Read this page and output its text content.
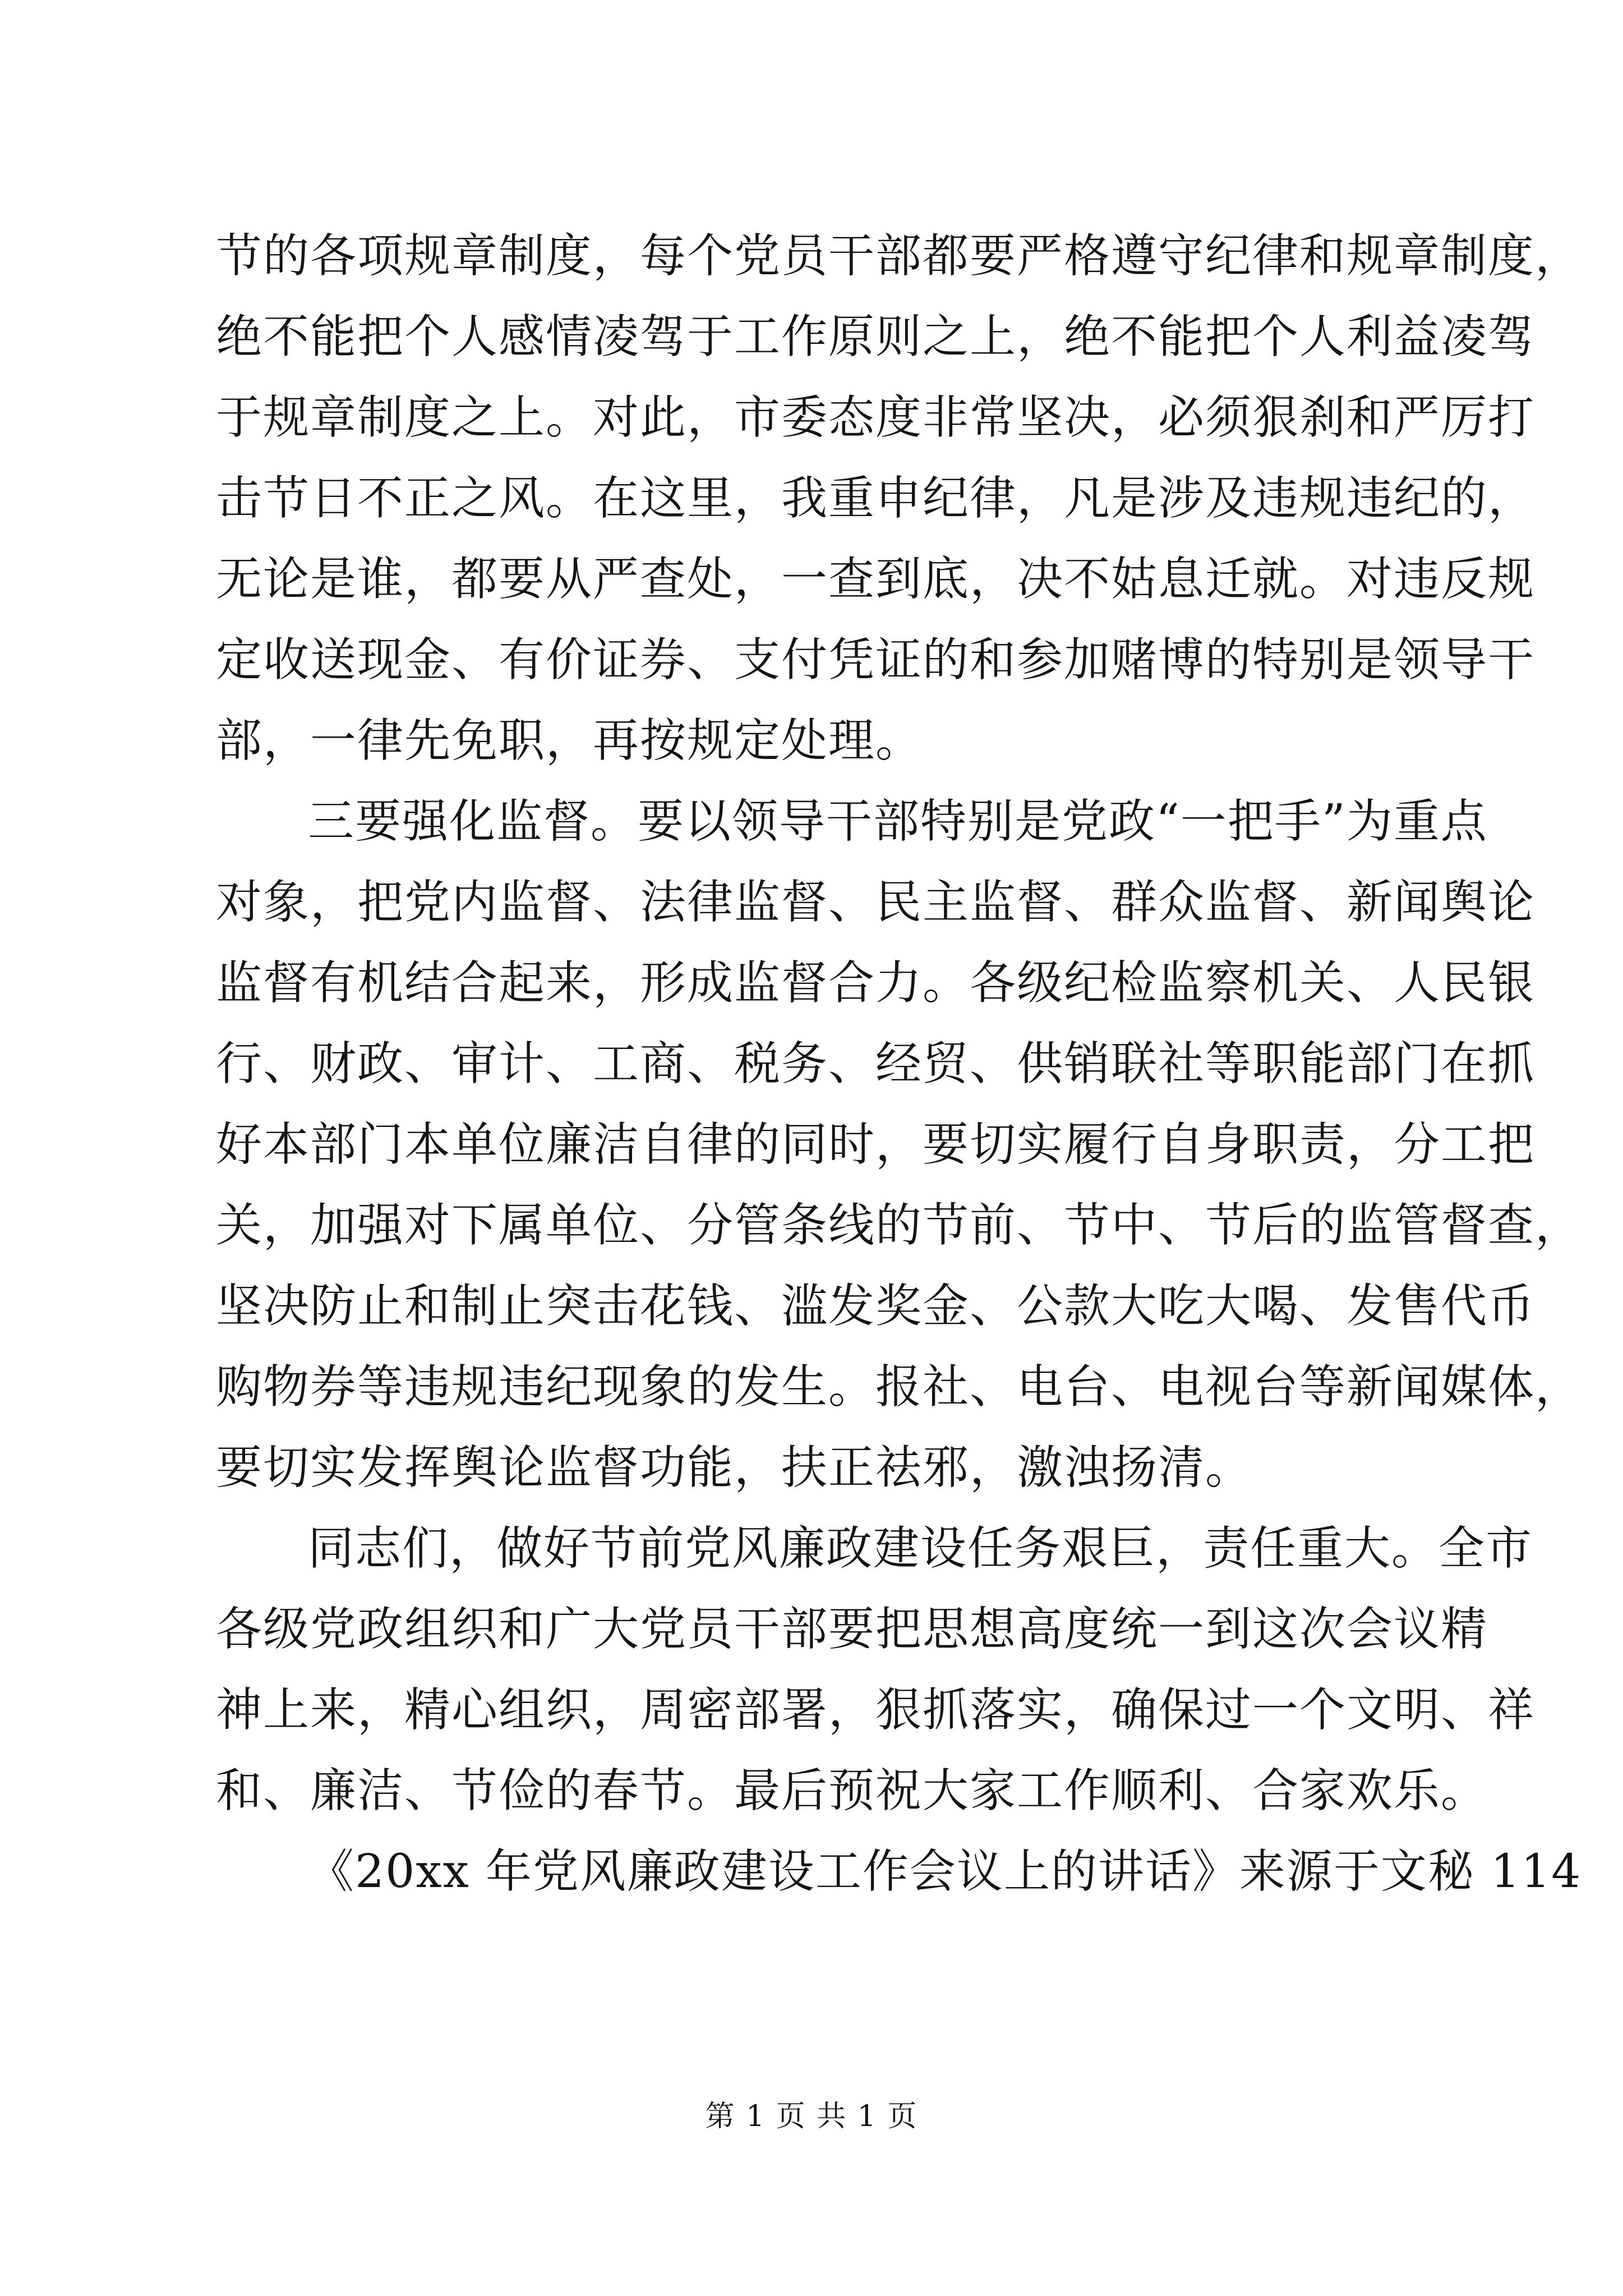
节的各项规章制度，每个党员干部都要严格遵守纪律和规章制度，
绝不能把个人感情凌驾于工作原则之上，绝不能把个人利益凌驾
于规章制度之上。对此，市委态度非常坚决，必须狠刹和严厉打
击节日不正之风。在这里，我重申纪律，凡是涉及违规违纪的，
无论是谁，都要从严查处，一查到底，决不姑息迁就。对违反规
定收送现金、有价证券、支付凭证的和参加赌博的特别是领导干
部，一律先免职，再按规定处理。
三要强化监督。要以领导干部特别是党政“一把手”为重点
对象，把党内监督、法律监督、民主监督、群众监督、新闻舆论
监督有机结合起来，形成监督合力。各级纪检监察机关、人民银
行、财政、审计、工商、税务、经贸、供销联社等职能部门在抓
好本部门本单位廉洁自律的同时，要切实履行自身职责，分工把
关，加强对下属单位、分管条线的节前、节中、节后的监管督查，
坚决防止和制止突击花钱、滥发奖金、公款大吃大喝、发售代币
购物券等违规违纪现象的发生。报社、电台、电视台等新闻媒体，
要切实发挥舆论监督功能，扶正祛邪，激浊扬清。
同志们，做好节前党风廉政建设任务艰巨，责任重大。全市
各级党政组织和广大党员干部要把思想高度统一到这次会议精
神上来，精心组织，周密部署，狠抓落实，确保过一个文明、祥
和、廉洁、节俭的春节。最后预祝大家工作顺利、合家欢乐。
《20xx 年党风廉政建设工作会议上的讲话》来源于文秘 114
第 1 页 共 1 页
